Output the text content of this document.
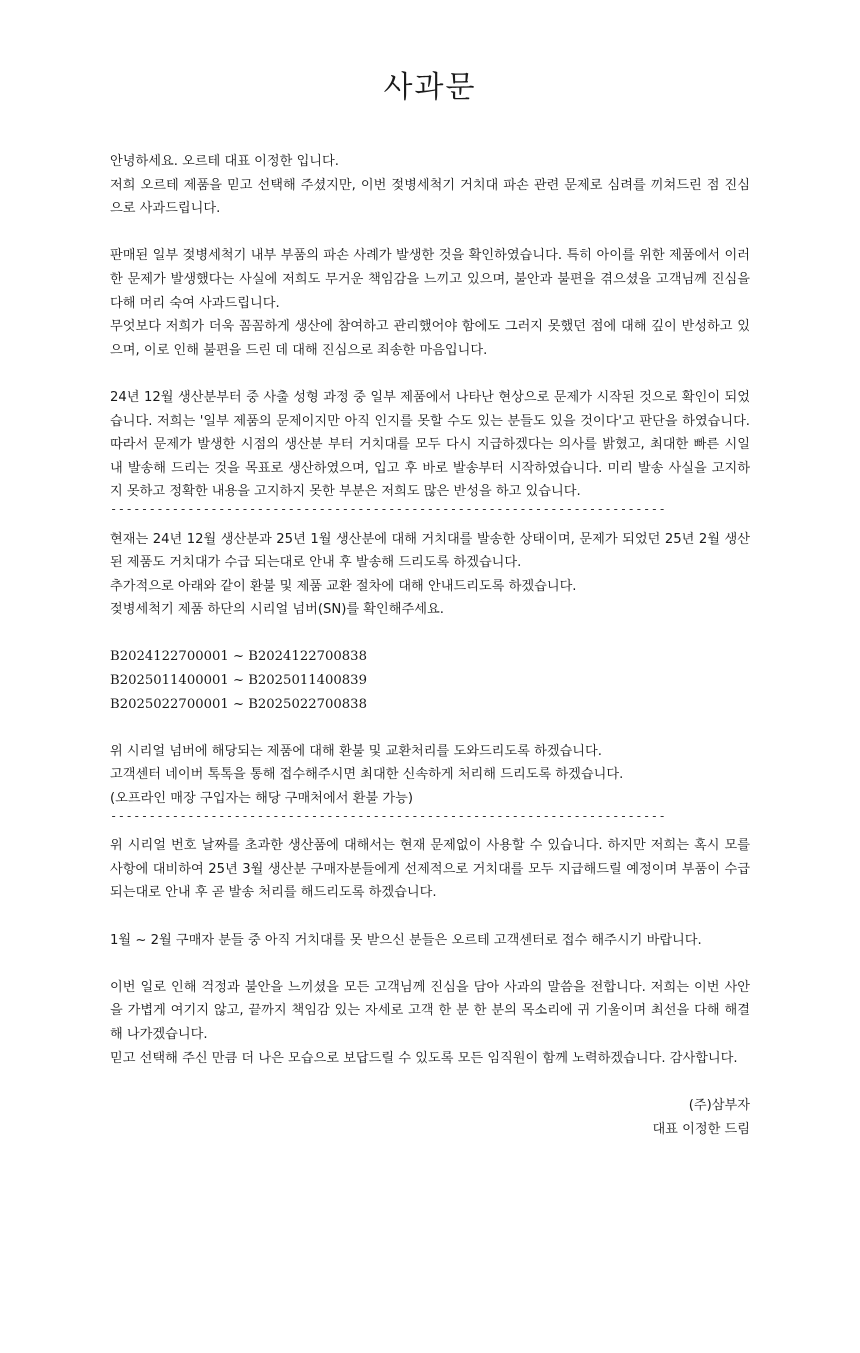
사과문

안녕하세요. 오르테 대표 이정한 입니다.

저희 오르테 제품을 믿고 선택해 주셨지만, 이번 젖병세척기 거치대 파손 관련 문제로 심려를 끼쳐드린 점 진심으로 사과드립니다.

판매된 일부 젖병세척기 내부 부품의 파손 사례가 발생한 것을 확인하였습니다. 특히 아이를 위한 제품에서 이러한 문제가 발생했다는 사실에 저희도 무거운 책임감을 느끼고 있으며, 불안과 불편을 겪으셨을 고객님께 진심을 다해 머리 숙여 사과드립니다.

무엇보다 저희가 더욱 꼼꼼하게 생산에 참여하고 관리했어야 함에도 그러지 못했던 점에 대해 깊이 반성하고 있으며, 이로 인해 불편을 드린 데 대해 진심으로 죄송한 마음입니다.

24년 12월 생산분부터 중 사출 성형 과정 중 일부 제품에서 나타난 현상으로 문제가 시작된 것으로 확인이 되었습니다. 저희는 '일부 제품의 문제이지만 아직 인지를 못할 수도 있는 분들도 있을 것이다'고 판단을 하였습니다. 따라서 문제가 발생한 시점의 생산분 부터 거치대를 모두 다시 지급하겠다는 의사를 밝혔고, 최대한 빠른 시일 내 발송해 드리는 것을 목표로 생산하였으며, 입고 후 바로 발송부터 시작하였습니다. 미리 발송 사실을 고지하지 못하고 정확한 내용을 고지하지 못한 부분은 저희도 많은 반성을 하고 있습니다.

------------------------------------------------------------------------

현재는 24년 12월 생산분과 25년 1월 생산분에 대해 거치대를 발송한 상태이며, 문제가 되었던 25년 2월 생산된 제품도 거치대가 수급 되는대로 안내 후 발송해 드리도록 하겠습니다.

추가적으로 아래와 같이 환불 및 제품 교환 절차에 대해 안내드리도록 하겠습니다.

젖병세척기 제품 하단의 시리얼 넘버(SN)를 확인해주세요.

B2024122700001 ~ B2024122700838

B2025011400001 ~ B2025011400839

B2025022700001 ~ B2025022700838

위 시리얼 넘버에 해당되는 제품에 대해 환불 및 교환처리를 도와드리도록 하겠습니다.

고객센터 네이버 톡톡을 통해 접수해주시면 최대한 신속하게 처리해 드리도록 하겠습니다.

(오프라인 매장 구입자는 해당 구매처에서 환불 가능)

------------------------------------------------------------------------

위 시리얼 번호 날짜를 초과한 생산품에 대해서는 현재 문제없이 사용할 수 있습니다. 하지만 저희는 혹시 모를 사항에 대비하여 25년 3월 생산분 구매자분들에게 선제적으로 거치대를 모두 지급해드릴 예정이며 부품이 수급 되는대로 안내 후 곧 발송 처리를 해드리도록 하겠습니다.

1월 ~ 2월 구매자 분들 중 아직 거치대를 못 받으신 분들은 오르테 고객센터로 접수 해주시기 바랍니다.

이번 일로 인해 걱정과 불안을 느끼셨을 모든 고객님께 진심을 담아 사과의 말씀을 전합니다. 저희는 이번 사안을 가볍게 여기지 않고, 끝까지 책임감 있는 자세로 고객 한 분 한 분의 목소리에 귀 기울이며 최선을 다해 해결해 나가겠습니다.

믿고 선택해 주신 만큼 더 나은 모습으로 보답드릴 수 있도록 모든 임직원이 함께 노력하겠습니다. 감사합니다.

(주)삼부자
대표 이정한 드림
